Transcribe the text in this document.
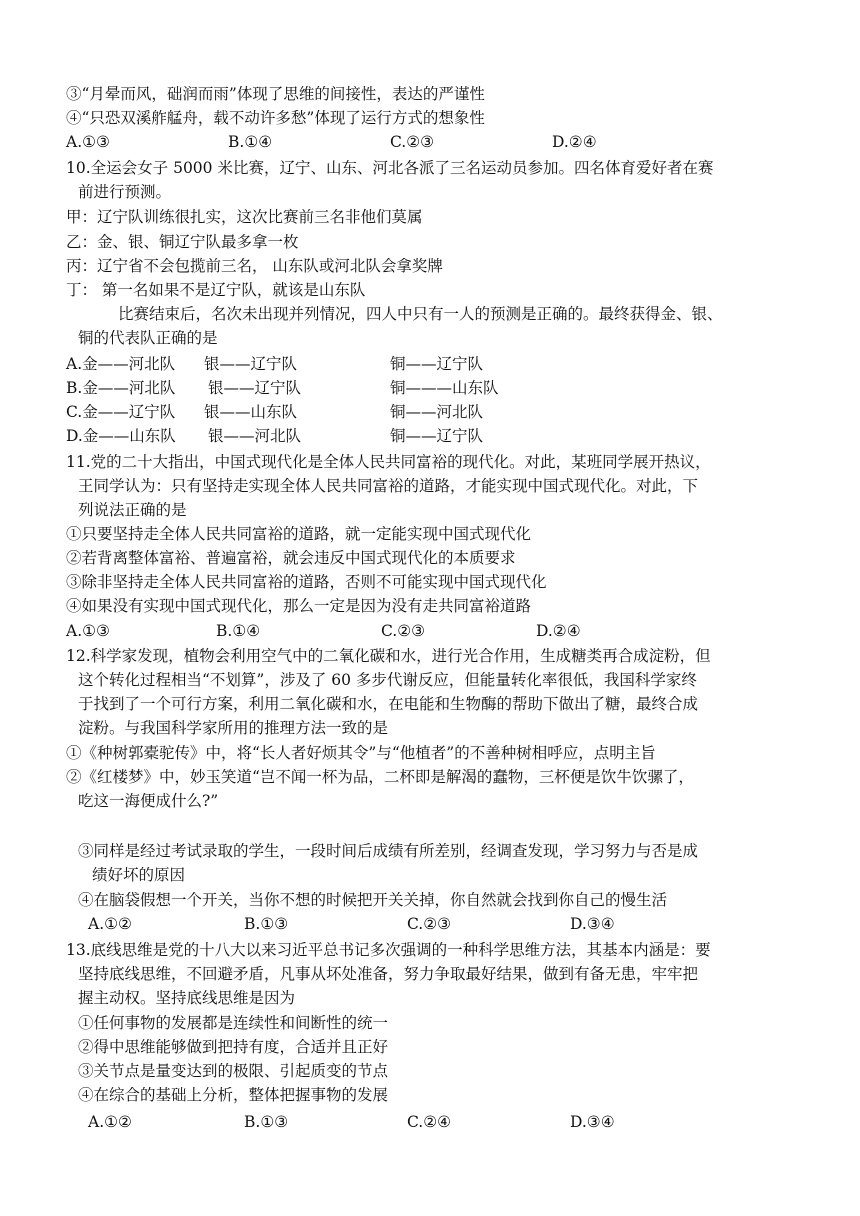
③“月晕而风，础润而雨”体现了思维的间接性，表达的严谨性
④“只恐双溪舴艋舟，载不动许多愁”体现了运行方式的想象性
A.①③	B.①④	C.②③	D.②④
10.全运会女子 5000 米比赛，辽宁、山东、河北各派了三名运动员参加。四名体育爱好者在赛
前进行预测。
甲：辽宁队训练很扎实，这次比赛前三名非他们莫属
乙：金、银、铜辽宁队最多拿一枚
丙：辽宁省不会包揽前三名， 山东队或河北队会拿奖牌
丁： 第一名如果不是辽宁队，就该是山东队
比赛结束后，名次未出现并列情况，四人中只有一人的预测是正确的。最终获得金、银、
铜的代表队正确的是
A.金——河北队 银——辽宁队	铜——辽宁队
B.金——河北队 银——辽宁队	铜———山东队
C.金——辽宁队 银——山东队	铜——河北队
D.金——山东队 银——河北队	铜——辽宁队
11.党的二十大指出，中国式现代化是全体人民共同富裕的现代化。对此，某班同学展开热议，
王同学认为：只有坚持走实现全体人民共同富裕的道路，才能实现中国式现代化。对此，下
列说法正确的是
①只要坚持走全体人民共同富裕的道路，就一定能实现中国式现代化
②若背离整体富裕、普遍富裕，就会违反中国式现代化的本质要求
③除非坚持走全体人民共同富裕的道路，否则不可能实现中国式现代化
④如果没有实现中国式现代化，那么一定是因为没有走共同富裕道路
A.①③	B.①④	C.②③	D.②④
12.科学家发现，植物会利用空气中的二氧化碳和水，进行光合作用，生成糖类再合成淀粉，但
这个转化过程相当“不划算”，涉及了 60 多步代谢反应，但能量转化率很低，我国科学家终
于找到了一个可行方案，利用二氧化碳和水，在电能和生物酶的帮助下做出了糖，最终合成
淀粉。与我国科学家所用的推理方法一致的是
①《种树郭橐驼传》中，将“长人者好烦其令”与“他植者”的不善种树相呼应，点明主旨
②《红楼梦》中，妙玉笑道“岂不闻一杯为品，二杯即是解渴的蠢物，三杯便是饮牛饮骡了，
吃这一海便成什么?”
③同样是经过考试录取的学生，一段时间后成绩有所差别，经调查发现，学习努力与否是成
绩好坏的原因
④在脑袋假想一个开关，当你不想的时候把开关关掉，你自然就会找到你自己的慢生活
A.①②	B.①③	C.②③	D.③④
13.底线思维是党的十八大以来习近平总书记多次强调的一种科学思维方法，其基本内涵是：要
坚持底线思维，不回避矛盾，凡事从坏处准备，努力争取最好结果，做到有备无患，牢牢把
握主动权。坚持底线思维是因为
①任何事物的发展都是连续性和间断性的统一
②得中思维能够做到把持有度，合适并且正好
③关节点是量变达到的极限、引起质变的节点
④在综合的基础上分析，整体把握事物的发展
A.①②	B.①③	C.②④	D.③④
